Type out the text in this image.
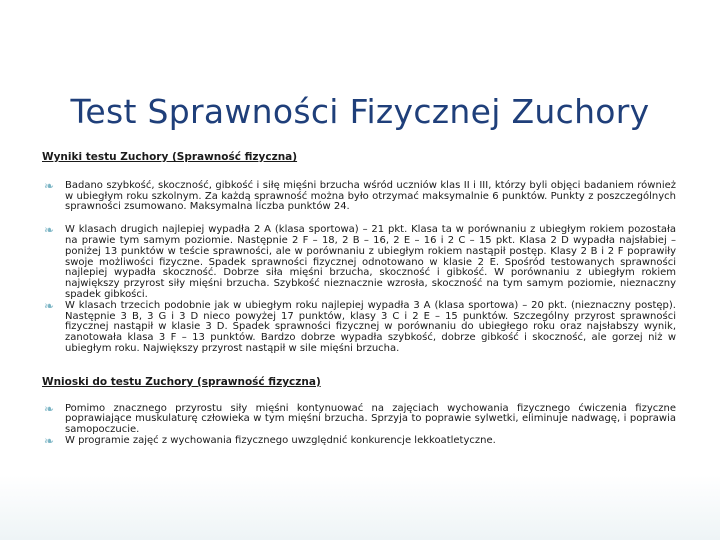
Test Sprawności Fizycznej Zuchory
Wyniki testu Zuchory (Sprawność fizyczna)
❧ Badano szybkość, skoczność, gibkość i siłę mięśni brzucha wśród uczniów klas II i III, którzy byli objęci badaniem również w ubiegłym roku szkolnym. Za każdą sprawność można było otrzymać maksymalnie 6 punktów. Punkty z poszczególnych sprawności zsumowano. Maksymalna liczba punktów 24.
❧ W klasach drugich najlepiej wypadła 2 A (klasa sportowa) – 21 pkt. Klasa ta w porównaniu z ubiegłym rokiem pozostała na prawie tym samym poziomie. Następnie 2 F – 18, 2 B – 16, 2 E – 16 i 2 C – 15 pkt. Klasa 2 D wypadła najsłabiej – poniżej 13 punktów w teście sprawności, ale w porównaniu z ubiegłym rokiem nastąpił postęp. Klasy 2 B i 2 F poprawiły swoje możliwości fizyczne. Spadek sprawności fizycznej odnotowano w klasie 2 E. Spośród testowanych sprawności najlepiej wypadła skoczność. Dobrze siła mięśni brzucha, skoczność i gibkość. W porównaniu z ubiegłym rokiem największy przyrost siły mięśni brzucha. Szybkość nieznacznie wzrosła, skoczność na tym samym poziomie, nieznaczny spadek gibkości.
❧ W klasach trzecich podobnie jak w ubiegłym roku najlepiej wypadła 3 A (klasa sportowa) – 20 pkt. (nieznaczny postęp). Następnie 3 B, 3 G i 3 D nieco powyżej 17 punktów, klasy 3 C i 2 E – 15 punktów. Szczególny przyrost sprawności fizycznej nastąpił w klasie 3 D. Spadek sprawności fizycznej w porównaniu do ubiegłego roku oraz najsłabszy wynik, zanotowała klasa 3 F – 13 punktów. Bardzo dobrze wypadła szybkość, dobrze gibkość i skoczność, ale gorzej niż w ubiegłym roku. Największy przyrost nastąpił w sile mięśni brzucha.
Wnioski do testu Zuchory (sprawność fizyczna)
❧ Pomimo znacznego przyrostu siły mięśni kontynuować na zajęciach wychowania fizycznego ćwiczenia fizyczne poprawiające muskulaturę człowieka w tym mięśni brzucha. Sprzyja to poprawie sylwetki, eliminuje nadwagę, i poprawia samopoczucie.
❧ W programie zajęć z wychowania fizycznego uwzględnić konkurencje lekkoatletyczne.
